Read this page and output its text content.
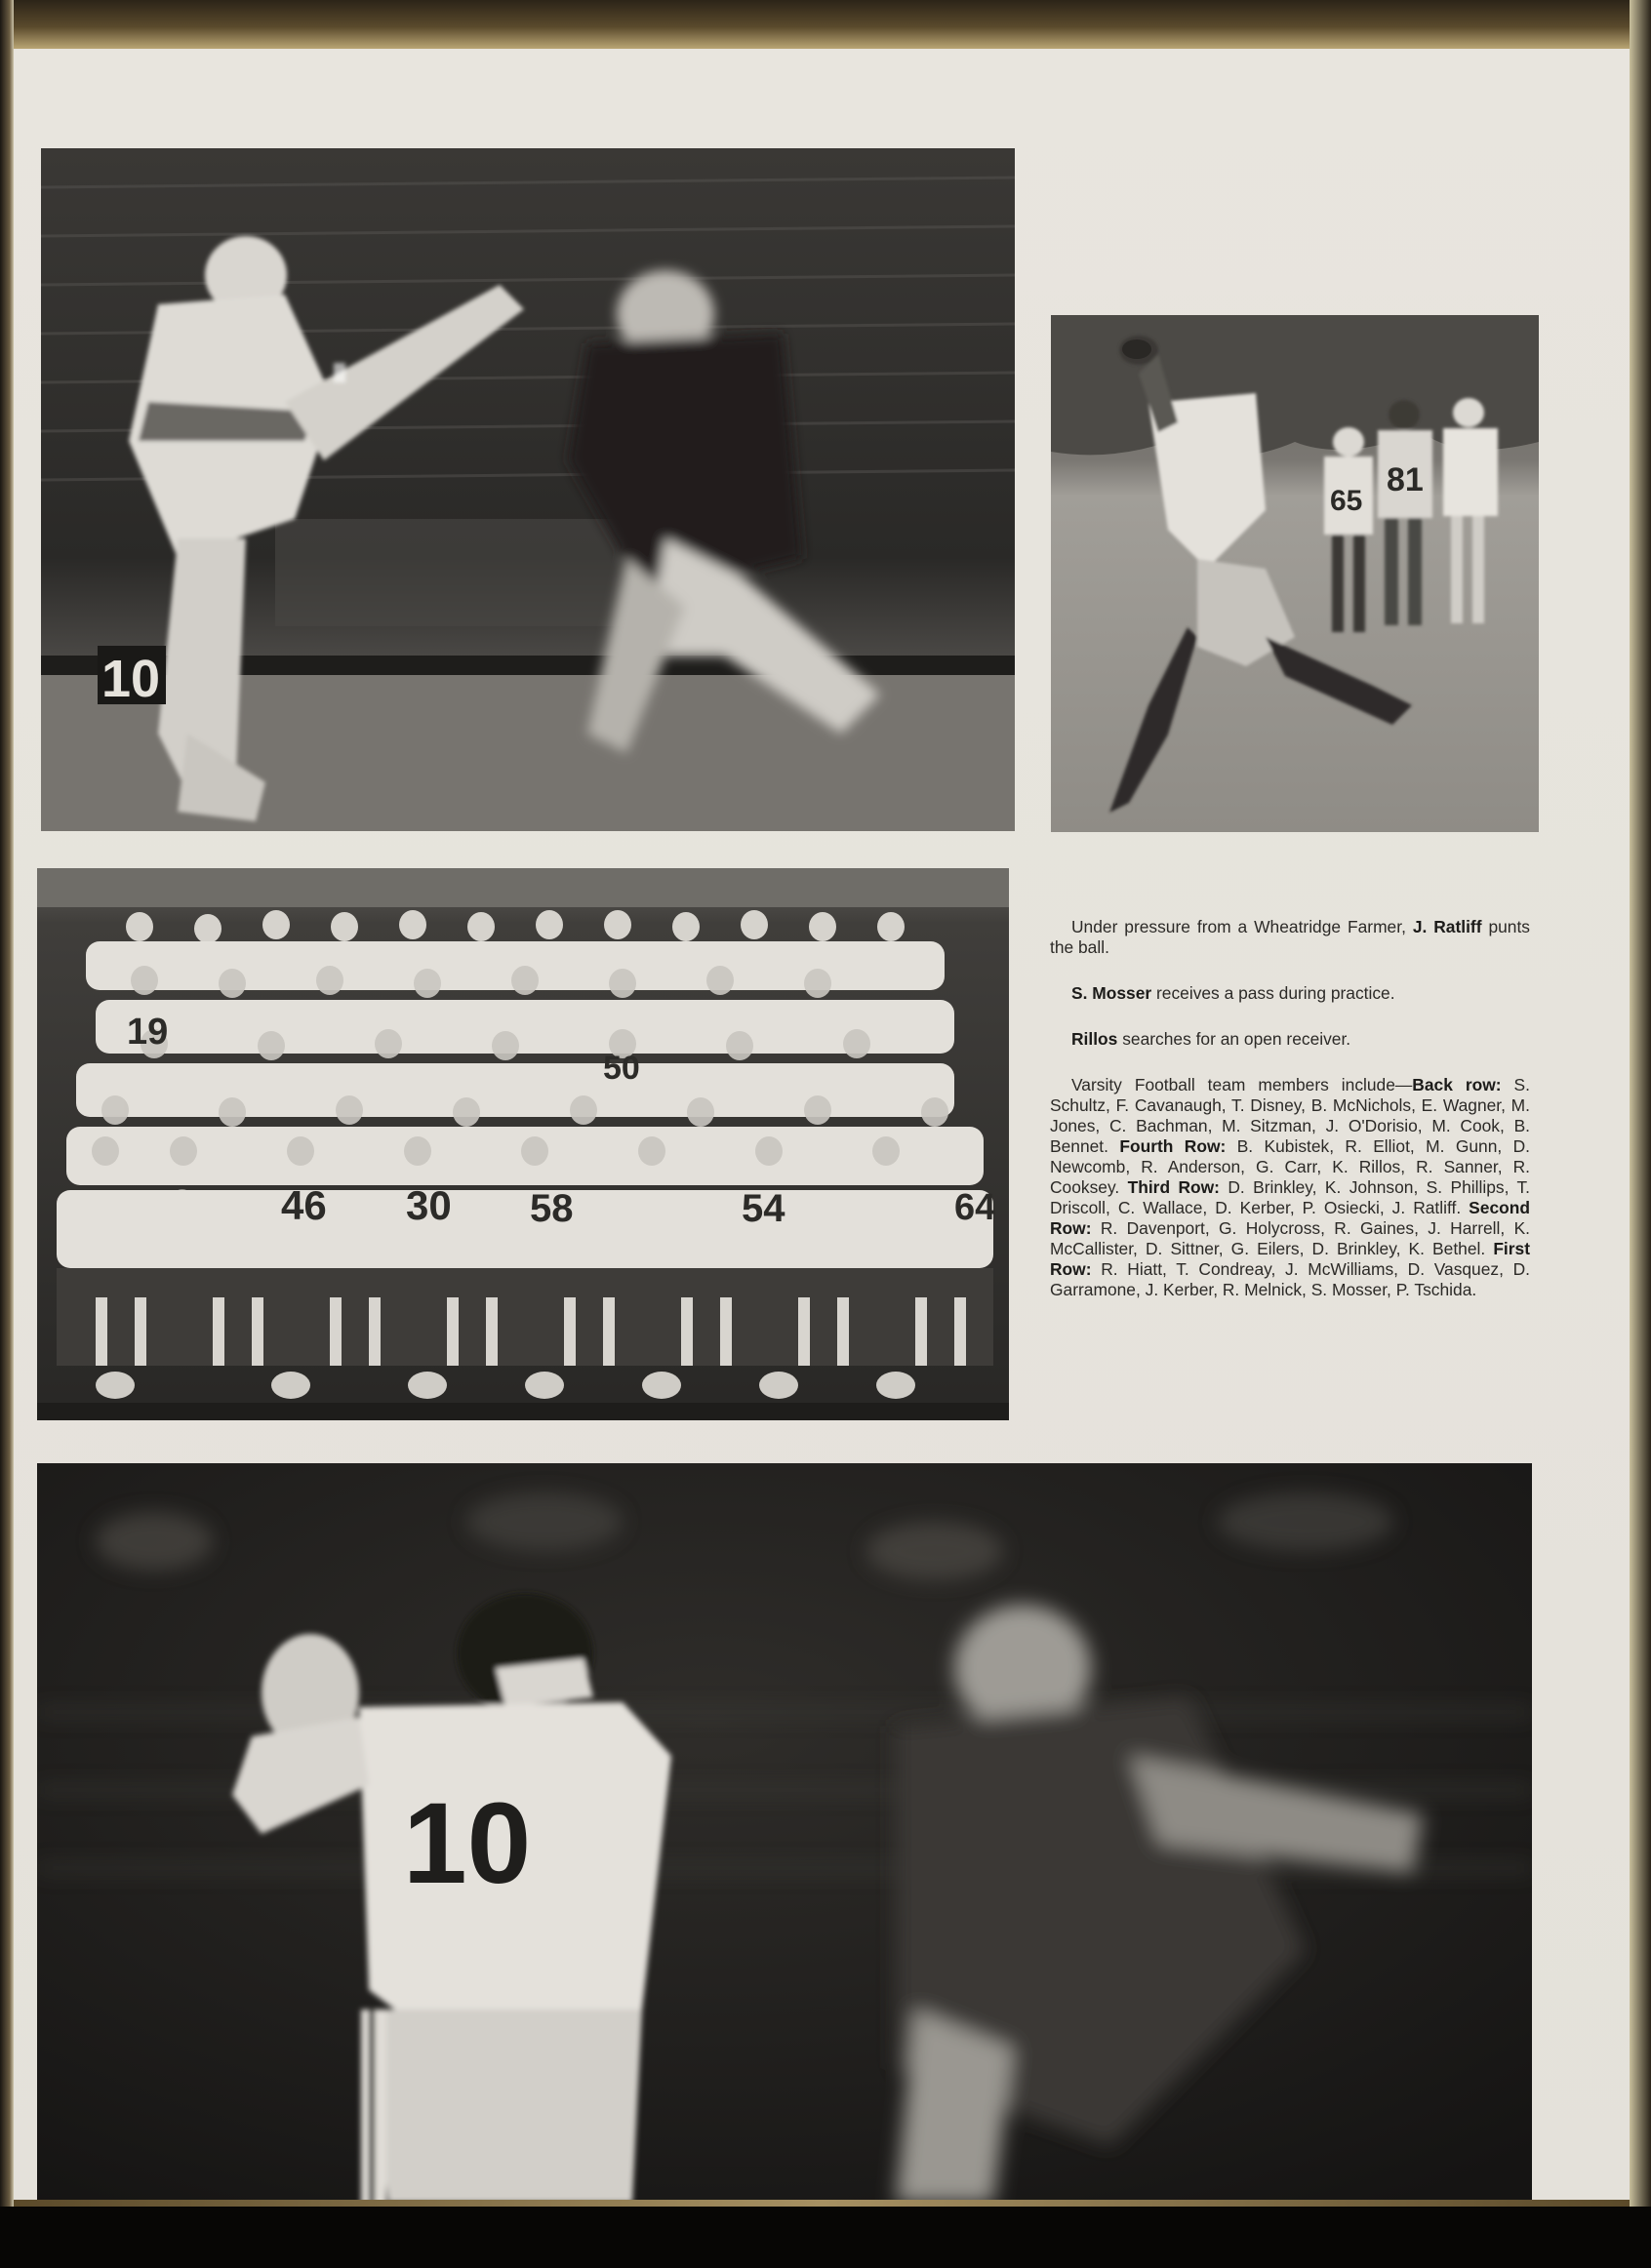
10
65
81
19
50
52 46 30 58	54	64

Under pressure from a Wheatridge Farmer, J. Ratliff punts the ball.

S. Mosser receives a pass during practice.

Rillos searches for an open receiver.

Varsity Football team members include—Back row: S. Schultz, F. Cavanaugh, T. Disney, B. McNichols, E. Wagner, M. Jones, C. Bachman, M. Sitzman, J. O'Dorisio, M. Cook, B. Bennet. Fourth Row: B. Kubistek, R. Elliot, M. Gunn, D. Newcomb, R. Anderson, G. Carr, K. Rillos, R. Sanner, R. Cooksey. Third Row: D. Brinkley, K. Johnson, S. Phillips, T. Driscoll, C. Wallace, D. Kerber, P. Osiecki, J. Ratliff. Second Row: R. Davenport, G. Holycross, R. Gaines, J. Harrell, K. McCallister, D. Sittner, G. Eilers, D. Brinkley, K. Bethel. First Row: R. Hiatt, T. Condreay, J. McWilliams, D. Vasquez, D. Garramone, J. Kerber, R. Melnick, S. Mosser, P. Tschida.

10
